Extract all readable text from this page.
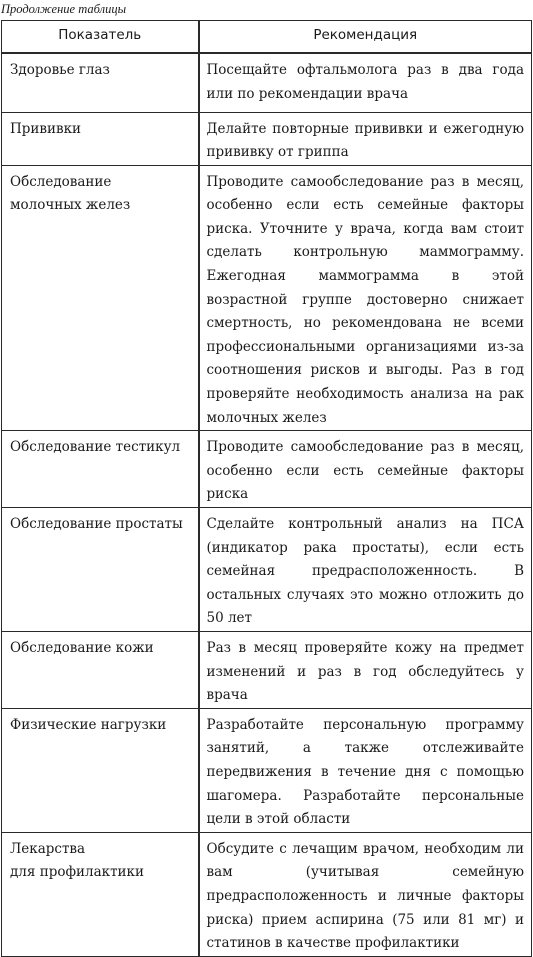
Продолжение таблицы
Показатель	Рекомендация

Здоровье глаз	Посещайте офтальмолога раз в два года или по рекомендации врача

Прививки	Делайте повторные прививки и ежегодную прививку от гриппа

Обследование
молочных желез	Проводите самообследование раз в месяц, особенно если есть семейные факторы риска. Уточните у врача, когда вам стоит сделать контрольную маммограмму. Ежегодная маммограмма в этой возрастной группе достоверно снижает смертность, но рекомендована не всеми профессиональными организациями из-за соотношения рисков и выгоды. Раз в год проверяйте необходимость анализа на рак молочных желез

Обследование тестикул	Проводите самообследование раз в месяц, особенно если есть семейные факторы риска

Обследование простаты	Сделайте контрольный анализ на ПСА (индикатор рака простаты), если есть семейная предрасположенность. В остальных случаях это можно отложить до 50 лет

Обследование кожи	Раз в месяц проверяйте кожу на предмет изменений и раз в год обследуйтесь у врача

Физические нагрузки	Разработайте персональную программу занятий, а также отслеживайте передвижения в течение дня с помощью шагомера. Разработайте персональные цели в этой области

Лекарства
для профилактики	Обсудите с лечащим врачом, необходим ли вам (учитывая семейную предрасположенность и личные факторы риска) прием аспирина (75 или 81 мг) и статинов в качестве профилактики
